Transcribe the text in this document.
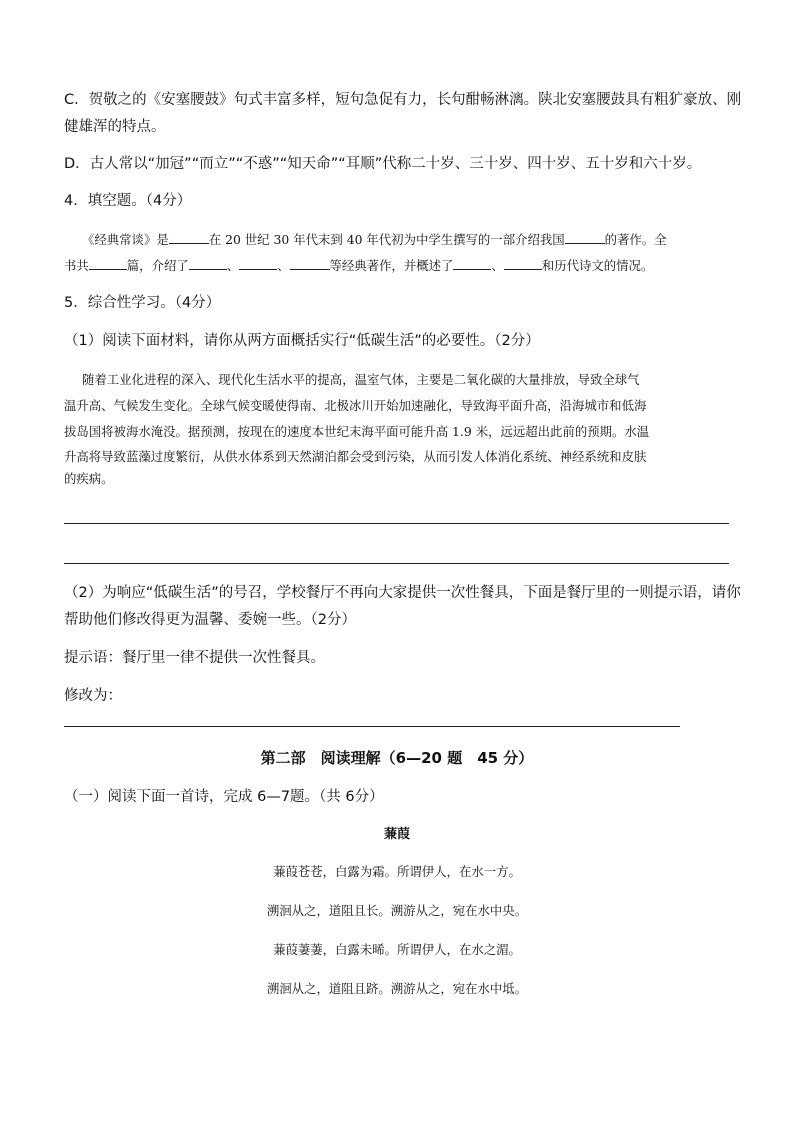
C．贺敬之的《安塞腰鼓》句式丰富多样，短句急促有力，长句酣畅淋漓。陕北安塞腰鼓具有粗犷豪放、刚
健雄浑的特点。
D．古人常以“加冠”“而立”“不惑”“知天命”“耳顺”代称二十岁、三十岁、四十岁、五十岁和六十岁。
4．填空题。（4分）
《经典常谈》是	在 20 世纪 30 年代末到 40 年代初为中学生撰写的一部介绍我国	的著作。全
书共	篇，介绍了	、	、	等经典著作，并概述了	、	和历代诗文的情况。
5．综合性学习。（4分）
（1）阅读下面材料，请你从两方面概括实行“低碳生活”的必要性。（2分）
随着工业化进程的深入、现代化生活水平的提高，温室气体，主要是二氧化碳的大量排放，导致全球气
温升高、气候发生变化。全球气候变暖使得南、北极冰川开始加速融化，导致海平面升高，沿海城市和低海
拔岛国将被海水淹没。据预测，按现在的速度本世纪末海平面可能升高 1.9 米，远远超出此前的预期。水温
升高将导致蓝藻过度繁衍，从供水体系到天然湖泊都会受到污染，从而引发人体消化系统、神经系统和皮肤
的疾病。
（2）为响应“低碳生活”的号召，学校餐厅不再向大家提供一次性餐具，下面是餐厅里的一则提示语，请你
帮助他们修改得更为温馨、委婉一些。（2分）
提示语：餐厅里一律不提供一次性餐具。
修改为：
第二部　阅读理解（6—20 题　45 分）
（一）阅读下面一首诗，完成 6—7题。（共 6分）
蒹葭
蒹葭苍苍，白露为霜。所谓伊人，在水一方。
溯洄从之，道阻且长。溯游从之，宛在水中央。
蒹葭萋萋，白露未晞。所谓伊人，在水之湄。
溯洄从之，道阻且跻。溯游从之，宛在水中坻。
